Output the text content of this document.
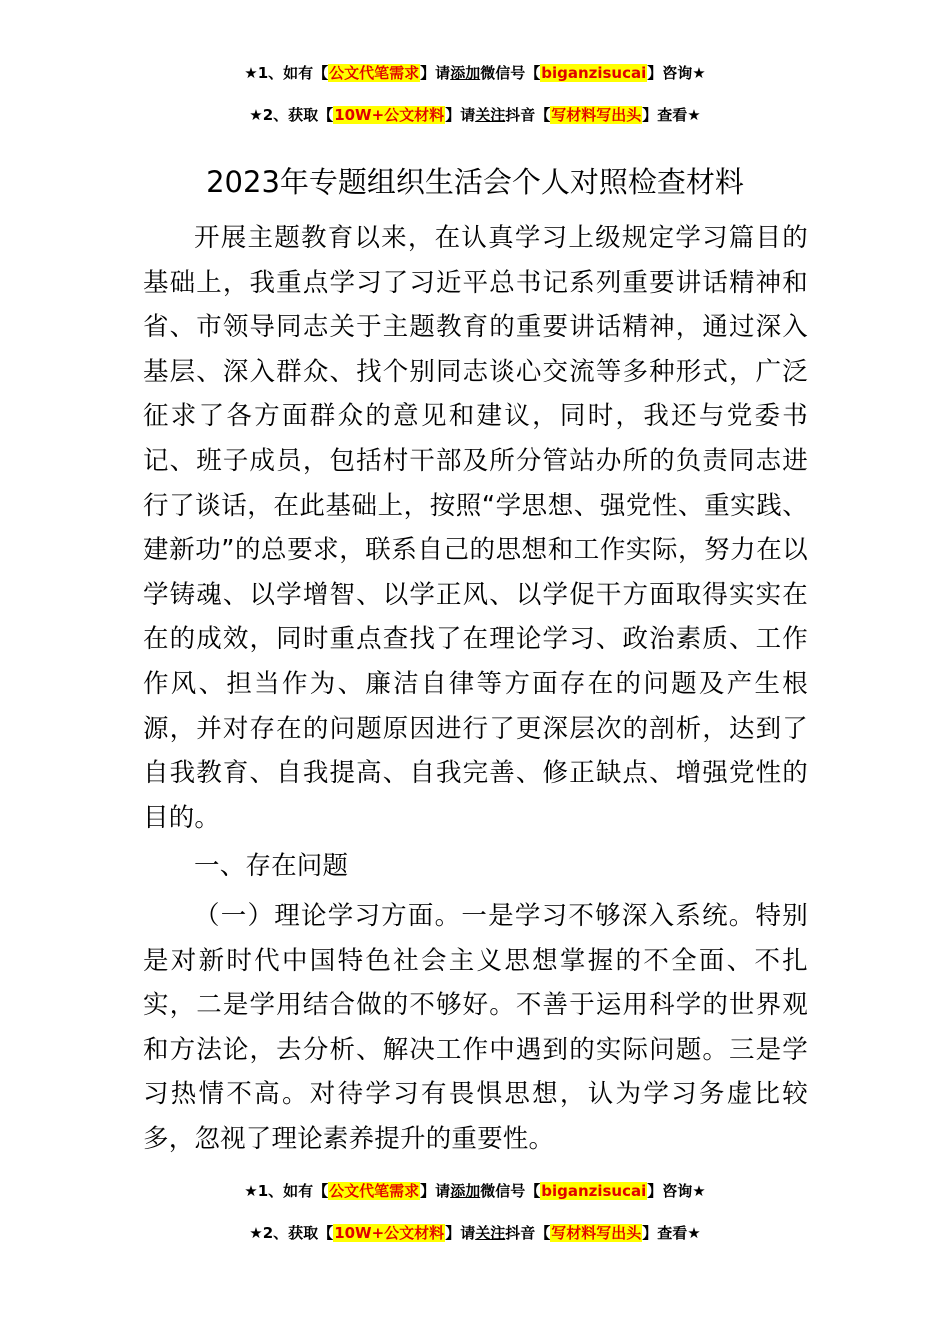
★1、如有【公文代笔需求】请添加微信号【biganzisucai】咨询★
★2、获取【10W+公文材料】请关注抖音【写材料写出头】查看★
2023年专题组织生活会个人对照检查材料

开展主题教育以来，在认真学习上级规定学习篇目的基础上，我重点学习了习近平总书记系列重要讲话精神和省、市领导同志关于主题教育的重要讲话精神，通过深入基层、深入群众、找个别同志谈心交流等多种形式，广泛征求了各方面群众的意见和建议，同时，我还与党委书记、班子成员，包括村干部及所分管站办所的负责同志进行了谈话，在此基础上，按照“学思想、强党性、重实践、建新功”的总要求，联系自己的思想和工作实际，努力在以学铸魂、以学增智、以学正风、以学促干方面取得实实在在的成效，同时重点查找了在理论学习、政治素质、工作作风、担当作为、廉洁自律等方面存在的问题及产生根源，并对存在的问题原因进行了更深层次的剖析，达到了自我教育、自我提高、自我完善、修正缺点、增强党性的目的。

一、存在问题

（一）理论学习方面。一是学习不够深入系统。特别是对新时代中国特色社会主义思想掌握的不全面、不扎实，二是学用结合做的不够好。不善于运用科学的世界观和方法论，去分析、解决工作中遇到的实际问题。三是学习热情不高。对待学习有畏惧思想，认为学习务虚比较多，忽视了理论素养提升的重要性。

★1、如有【公文代笔需求】请添加微信号【biganzisucai】咨询★
★2、获取【10W+公文材料】请关注抖音【写材料写出头】查看★
